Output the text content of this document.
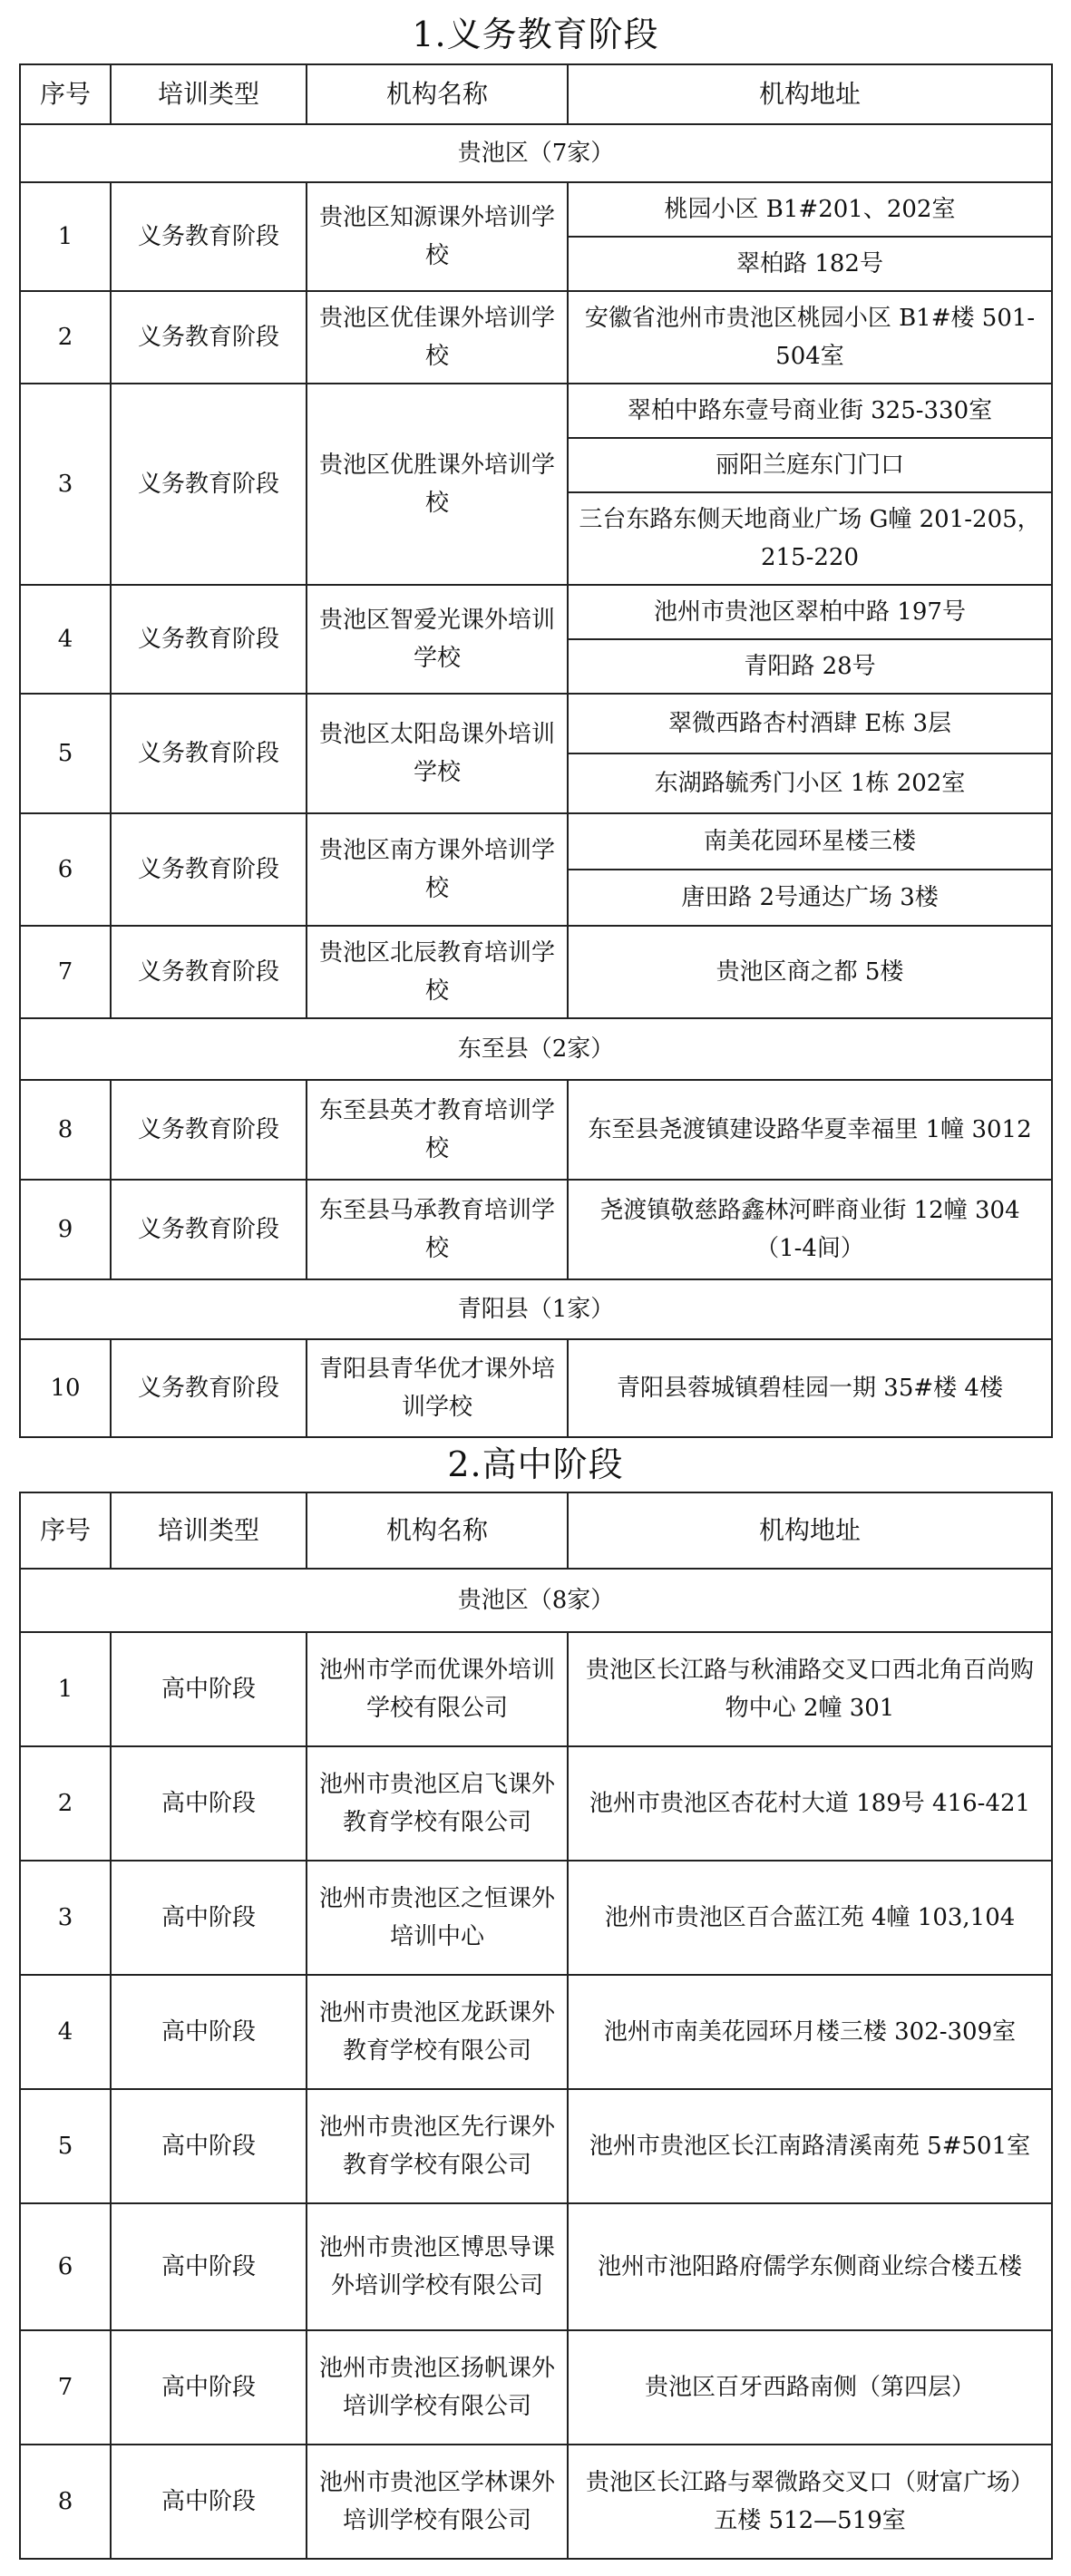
1.义务教育阶段
序号	培训类型	机构名称	机构地址
贵池区（7家）			
1	义务教育阶段	贵池区知源课外培训学校	桃园小区 B1#201、202室
			翠柏路 182号
2	义务教育阶段	贵池区优佳课外培训学校	安徽省池州市贵池区桃园小区 B1#楼 501-504室
3	义务教育阶段	贵池区优胜课外培训学校	翠柏中路东壹号商业街 325-330室
			丽阳兰庭东门门口
			三台东路东侧天地商业广场 G幢 201-205，215-220
4	义务教育阶段	贵池区智爱光课外培训学校	池州市贵池区翠柏中路 197号
			青阳路 28号
5	义务教育阶段	贵池区太阳岛课外培训学校	翠微西路杏村酒肆 E栋 3层
			东湖路毓秀门小区 1栋 202室
6	义务教育阶段	贵池区南方课外培训学校	南美花园环星楼三楼
			唐田路 2号通达广场 3楼
7	义务教育阶段	贵池区北辰教育培训学校	贵池区商之都 5楼
东至县（2家）			
8	义务教育阶段	东至县英才教育培训学校	东至县尧渡镇建设路华夏幸福里 1幢 3012
9	义务教育阶段	东至县马承教育培训学校	尧渡镇敬慈路鑫林河畔商业街 12幢 304（1-4间）
青阳县（1家）			
10	义务教育阶段	青阳县青华优才课外培训学校	青阳县蓉城镇碧桂园一期 35#楼 4楼
2.高中阶段
序号	培训类型	机构名称	机构地址
贵池区（8家）			
1	高中阶段	池州市学而优课外培训学校有限公司	贵池区长江路与秋浦路交叉口西北角百尚购物中心 2幢 301
2	高中阶段	池州市贵池区启飞课外教育学校有限公司	池州市贵池区杏花村大道 189号 416-421
3	高中阶段	池州市贵池区之恒课外培训中心	池州市贵池区百合蓝江苑 4幢 103,104
4	高中阶段	池州市贵池区龙跃课外教育学校有限公司	池州市南美花园环月楼三楼 302-309室
5	高中阶段	池州市贵池区先行课外教育学校有限公司	池州市贵池区长江南路清溪南苑 5#501室
6	高中阶段	池州市贵池区博思导课外培训学校有限公司	池州市池阳路府儒学东侧商业综合楼五楼
7	高中阶段	池州市贵池区扬帆课外培训学校有限公司	贵池区百牙西路南侧（第四层）
8	高中阶段	池州市贵池区学林课外培训学校有限公司	贵池区长江路与翠微路交叉口（财富广场）五楼 512—519室
